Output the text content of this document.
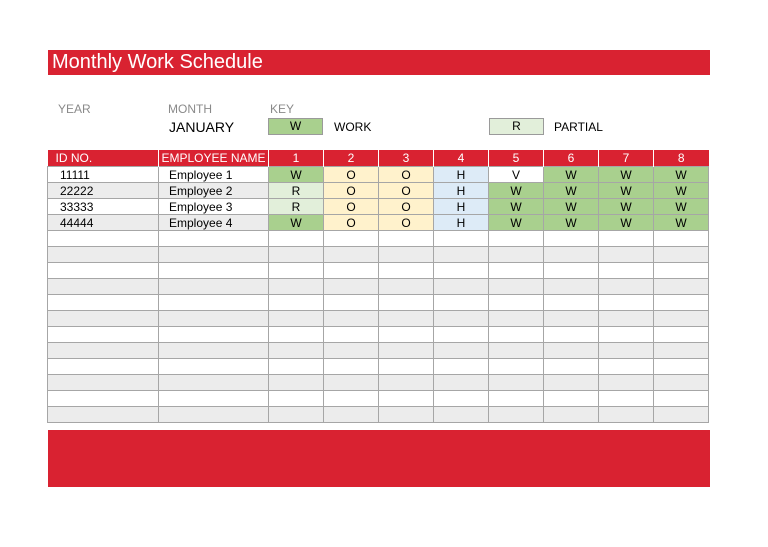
Monthly Work Schedule
YEAR	MONTH	KEY
JANUARY	W	WORK	R	PARTIAL
ID NO.	EMPLOYEE NAME	1	2	3	4	5	6	7	8
11111	Employee 1	W	O	O	H	V	W	W	W
22222	Employee 2	R	O	O	H	W	W	W	W
33333	Employee 3	R	O	O	H	W	W	W	W
44444	Employee 4	W	O	O	H	W	W	W	W
